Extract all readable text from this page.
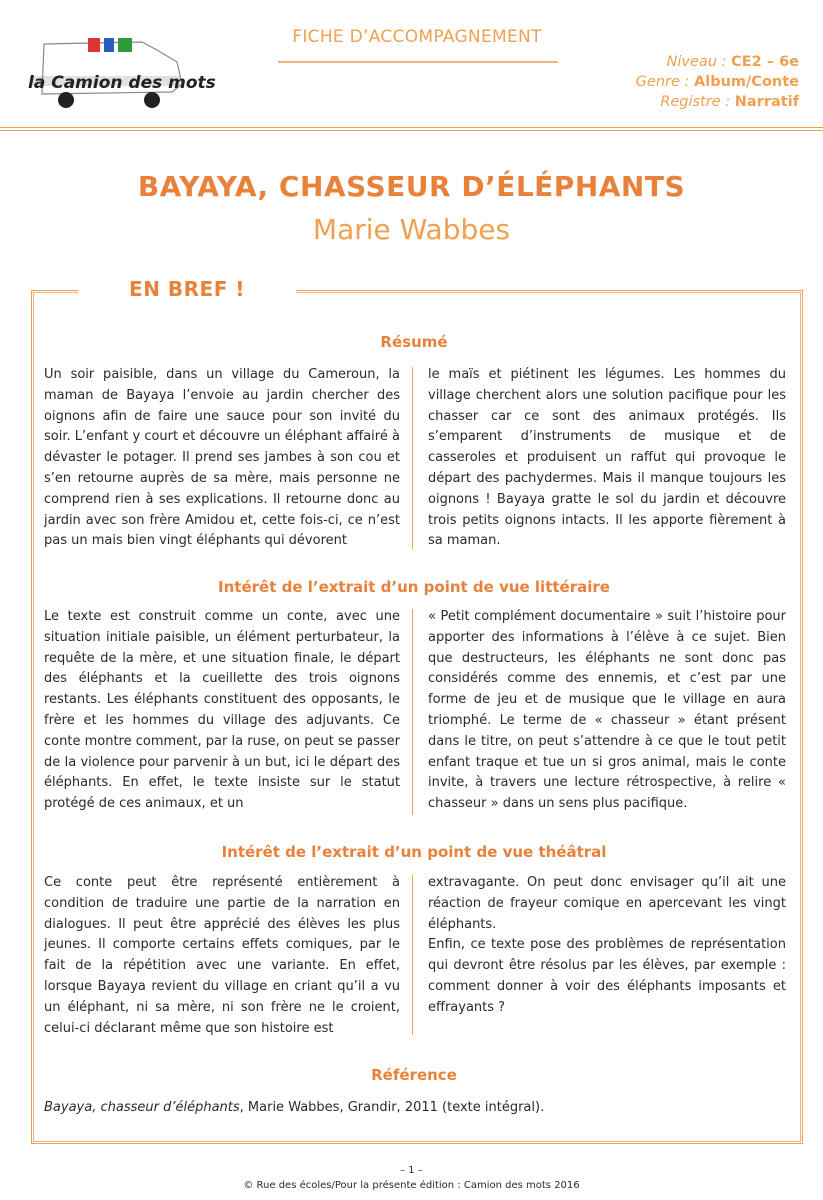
la Camion des mots
FICHE D’ACCOMPAGNEMENT
Niveau : CE2 – 6e
Genre : Album/Conte
Registre : Narratif
BAYAYA, CHASSEUR D’ÉLÉPHANTS
Marie Wabbes
EN BREF !
Résumé
Un soir paisible, dans un village du Cameroun, la maman de Bayaya l’envoie au jardin chercher des oignons afin de faire une sauce pour son invité du soir. L’enfant y court et découvre un éléphant affairé à dévaster le potager. Il prend ses jambes à son cou et s’en retourne auprès de sa mère, mais personne ne comprend rien à ses explications. Il retourne donc au jardin avec son frère Amidou et, cette fois-ci, ce n’est pas un mais bien vingt éléphants qui dévorent
le maïs et piétinent les légumes. Les hommes du village cherchent alors une solution pacifique pour les chasser car ce sont des animaux protégés. Ils s’emparent d’instruments de musique et de casseroles et produisent un raffut qui provoque le départ des pachydermes. Mais il manque toujours les oignons ! Bayaya gratte le sol du jardin et découvre trois petits oignons intacts. Il les apporte fièrement à sa maman.
Intérêt de l’extrait d’un point de vue littéraire
Le texte est construit comme un conte, avec une situation initiale paisible, un élément perturbateur, la requête de la mère, et une situation finale, le départ des éléphants et la cueillette des trois oignons restants. Les éléphants constituent des opposants, le frère et les hommes du village des adjuvants. Ce conte montre comment, par la ruse, on peut se passer de la violence pour parvenir à un but, ici le départ des éléphants. En effet, le texte insiste sur le statut protégé de ces animaux, et un
« Petit complément documentaire » suit l’histoire pour apporter des informations à l’élève à ce sujet. Bien que destructeurs, les éléphants ne sont donc pas considérés comme des ennemis, et c’est par une forme de jeu et de musique que le village en aura triomphé. Le terme de « chasseur » étant présent dans le titre, on peut s’attendre à ce que le tout petit enfant traque et tue un si gros animal, mais le conte invite, à travers une lecture rétrospective, à relire « chasseur » dans un sens plus pacifique.
Intérêt de l’extrait d’un point de vue théâtral
Ce conte peut être représenté entièrement à condition de traduire une partie de la narration en dialogues. Il peut être apprécié des élèves les plus jeunes. Il comporte certains effets comiques, par le fait de la répétition avec une variante. En effet, lorsque Bayaya revient du village en criant qu’il a vu un éléphant, ni sa mère, ni son frère ne le croient, celui-ci déclarant même que son histoire est
extravagante. On peut donc envisager qu’il ait une réaction de frayeur comique en apercevant les vingt éléphants.
Enfin, ce texte pose des problèmes de représentation qui devront être résolus par les élèves, par exemple : comment donner à voir des éléphants imposants et effrayants ?
Référence
Bayaya, chasseur d’éléphants, Marie Wabbes, Grandir, 2011 (texte intégral).
– 1 –
© Rue des écoles/Pour la présente édition : Camion des mots 2016
